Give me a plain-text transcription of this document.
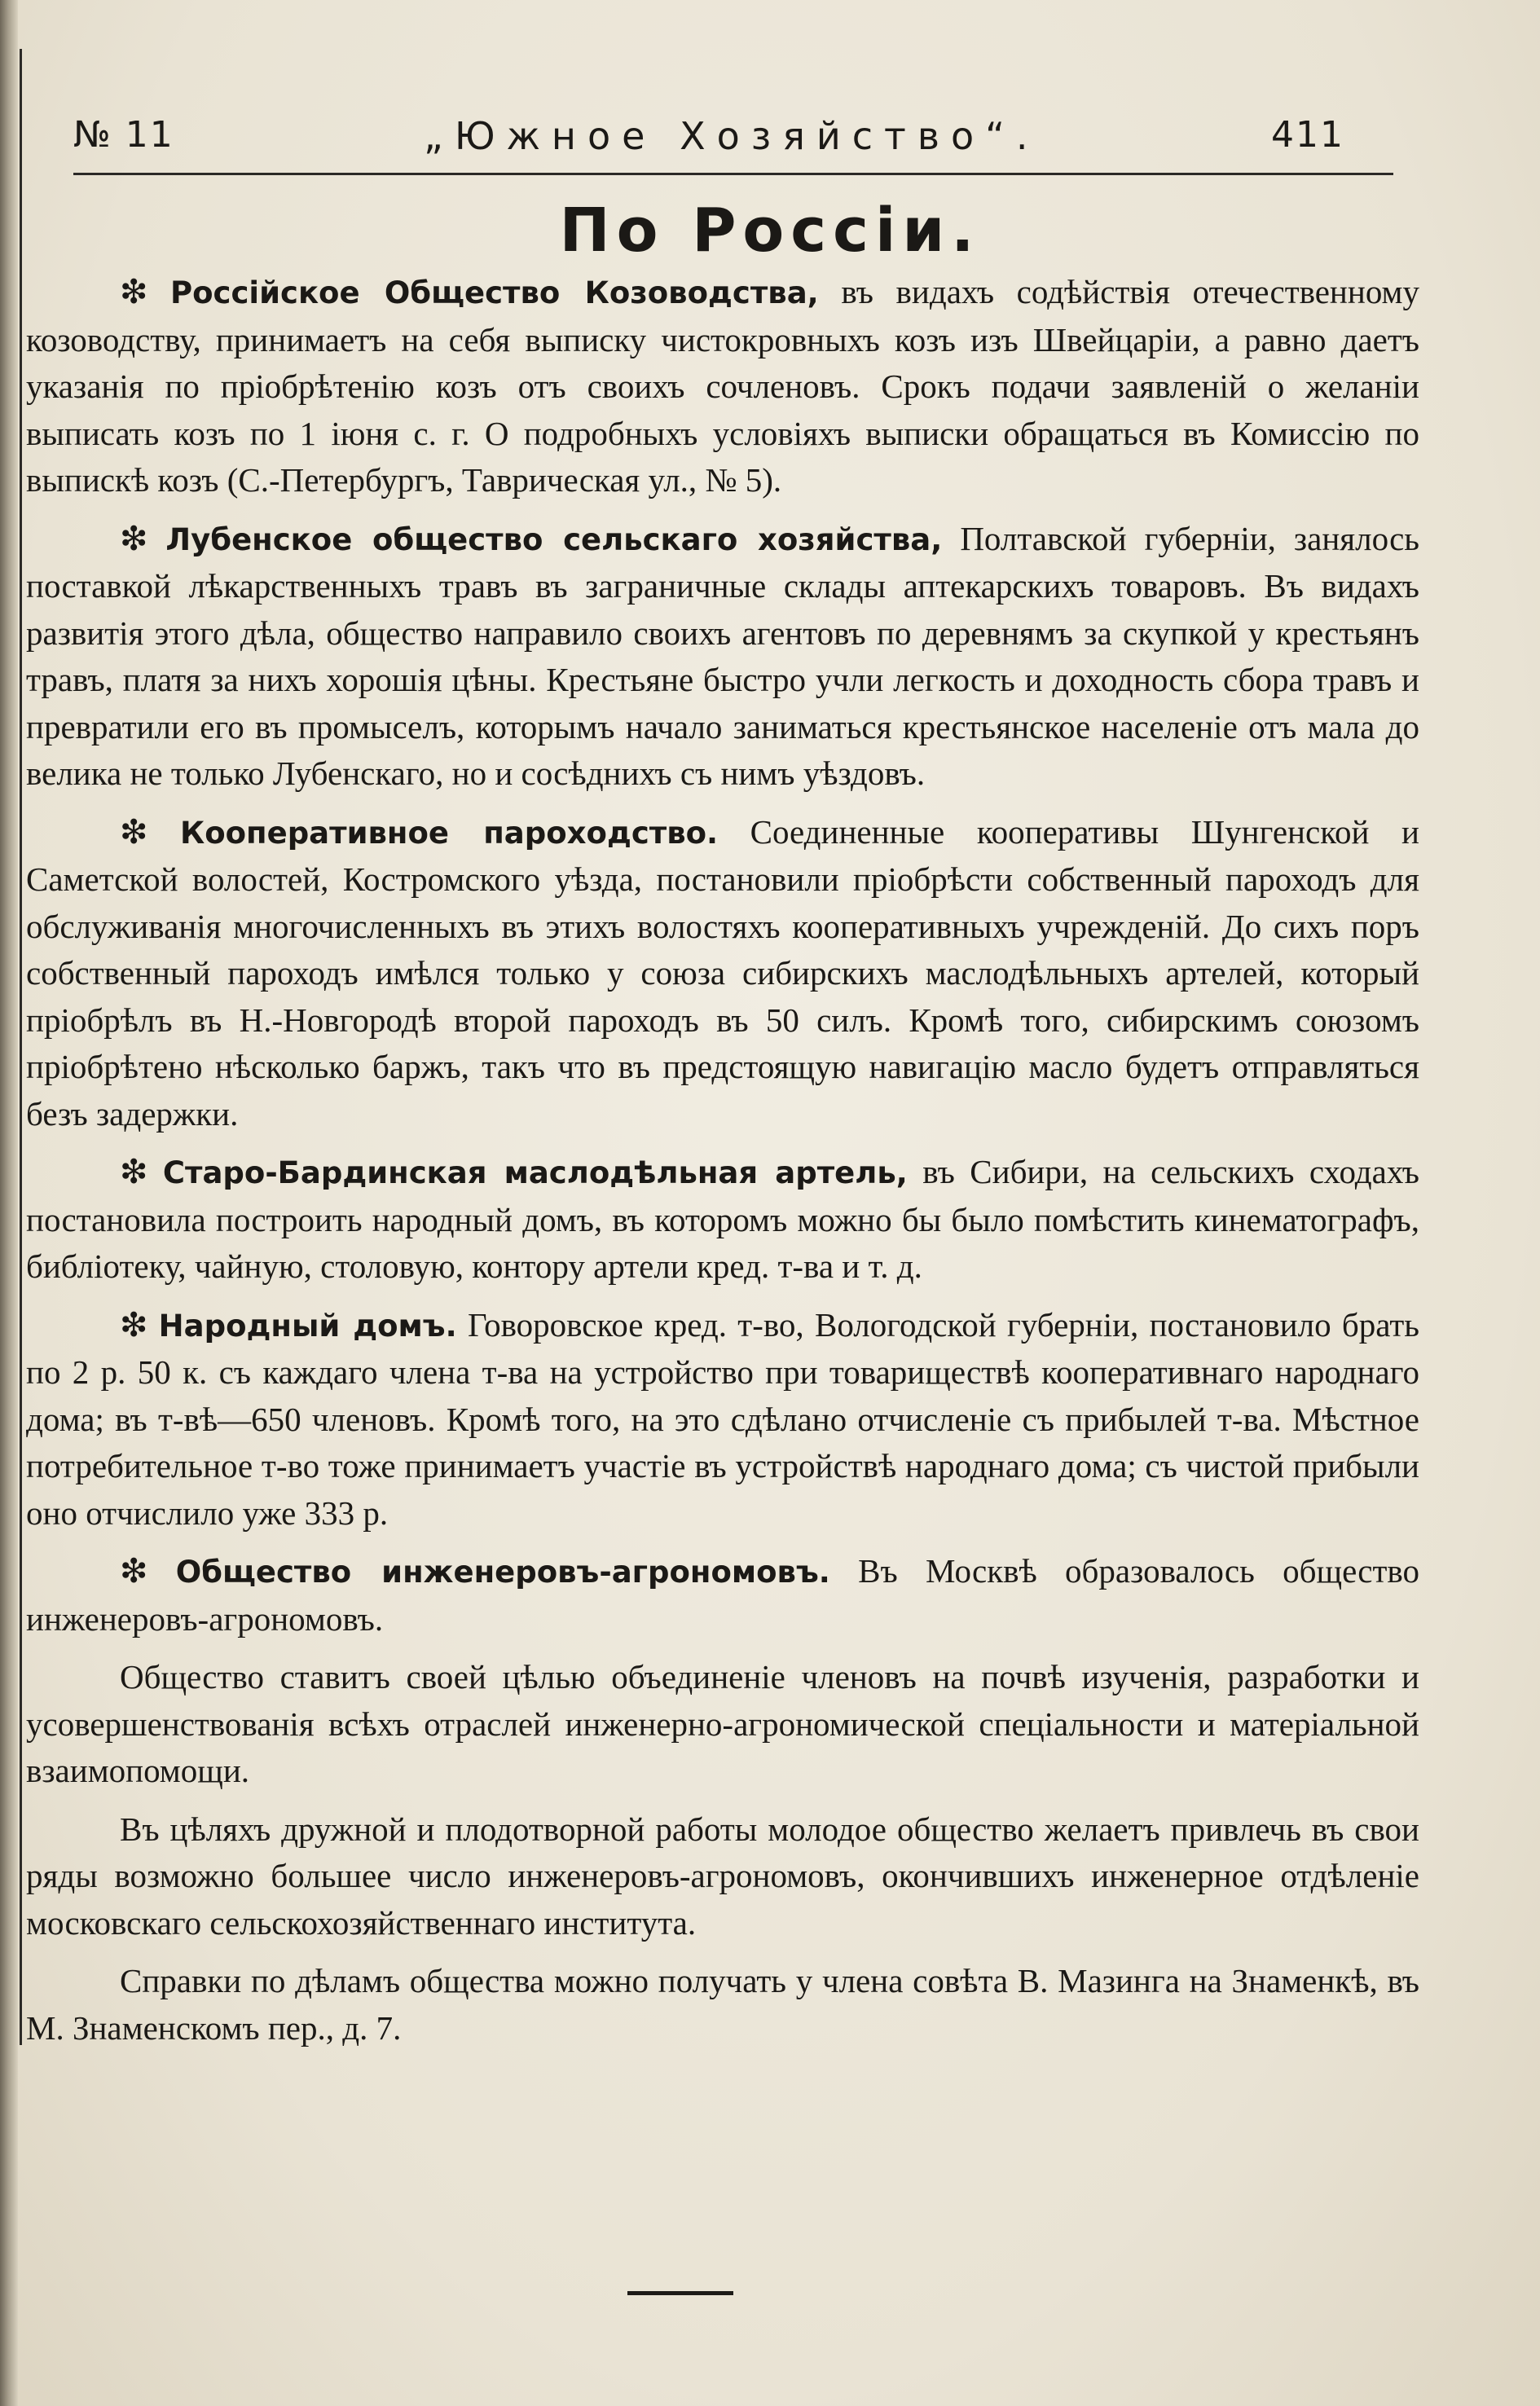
№ 11	„Южное Хозяйство“.	411
По Россіи.

❇ Россійское Общество Козоводства, въ видахъ содѣйствія отечественному козоводству, принимаетъ на себя выписку чистокровныхъ козъ изъ Швейцаріи, а равно даетъ указанія по пріобрѣтенію козъ отъ своихъ сочленовъ. Срокъ подачи заявленій о желаніи выписать козъ по 1 іюня с. г. О подробныхъ условіяхъ выписки обращаться въ Комиссію по выпискѣ козъ (С.-Петербургъ, Таврическая ул., № 5).

❇ Лубенское общество сельскаго хозяйства, Полтавской губерніи, занялось поставкой лѣкарственныхъ травъ въ заграничные склады аптекарскихъ товаровъ. Въ видахъ развитія этого дѣла, общество направило своихъ агентовъ по деревнямъ за скупкой у крестьянъ травъ, платя за нихъ хорошія цѣны. Крестьяне быстро учли легкость и доходность сбора травъ и превратили его въ промыселъ, которымъ начало заниматься крестьянское населеніе отъ мала до велика не только Лубенскаго, но и сосѣднихъ съ нимъ уѣздовъ.

❇ Кооперативное пароходство. Соединенные кооперативы Шунгенской и Саметской волостей, Костромского уѣзда, постановили пріобрѣсти собственный пароходъ для обслуживанія многочисленныхъ въ этихъ волостяхъ кооперативныхъ учрежденій. До сихъ поръ собственный пароходъ имѣлся только у союза сибирскихъ маслодѣльныхъ артелей, который пріобрѣлъ въ Н.-Новгородѣ второй пароходъ въ 50 силъ. Кромѣ того, сибирскимъ союзомъ пріобрѣтено нѣсколько баржъ, такъ что въ предстоящую навигацію масло будетъ отправляться безъ задержки.

❇ Старо-Бардинская маслодѣльная артель, въ Сибири, на сельскихъ сходахъ постановила построить народный домъ, въ которомъ можно бы было помѣстить кинематографъ, библіотеку, чайную, столовую, контору артели кред. т-ва и т. д.

❇ Народный домъ. Говоровское кред. т-во, Вологодской губерніи, постановило брать по 2 р. 50 к. съ каждаго члена т-ва на устройство при товариществѣ кооперативнаго народнаго дома; въ т-вѣ—650 членовъ. Кромѣ того, на это сдѣлано отчисленіе съ прибылей т-ва. Мѣстное потребительное т-во тоже принимаетъ участіе въ устройствѣ народнаго дома; съ чистой прибыли оно отчислило уже 333 р.

❇ Общество инженеровъ-агрономовъ. Въ Москвѣ образовалось общество инженеровъ-агрономовъ.

Общество ставитъ своей цѣлью объединеніе членовъ на почвѣ изученія, разработки и усовершенствованія всѣхъ отраслей инженерно-агрономической спеціальности и матеріальной взаимопомощи.

Въ цѣляхъ дружной и плодотворной работы молодое общество желаетъ привлечь въ свои ряды возможно большее число инженеровъ-агрономовъ, окончившихъ инженерное отдѣленіе московскаго сельскохозяйственнаго института.

Справки по дѣламъ общества можно получать у члена совѣта В. Мазинга на Знаменкѣ, въ М. Знаменскомъ пер., д. 7.
